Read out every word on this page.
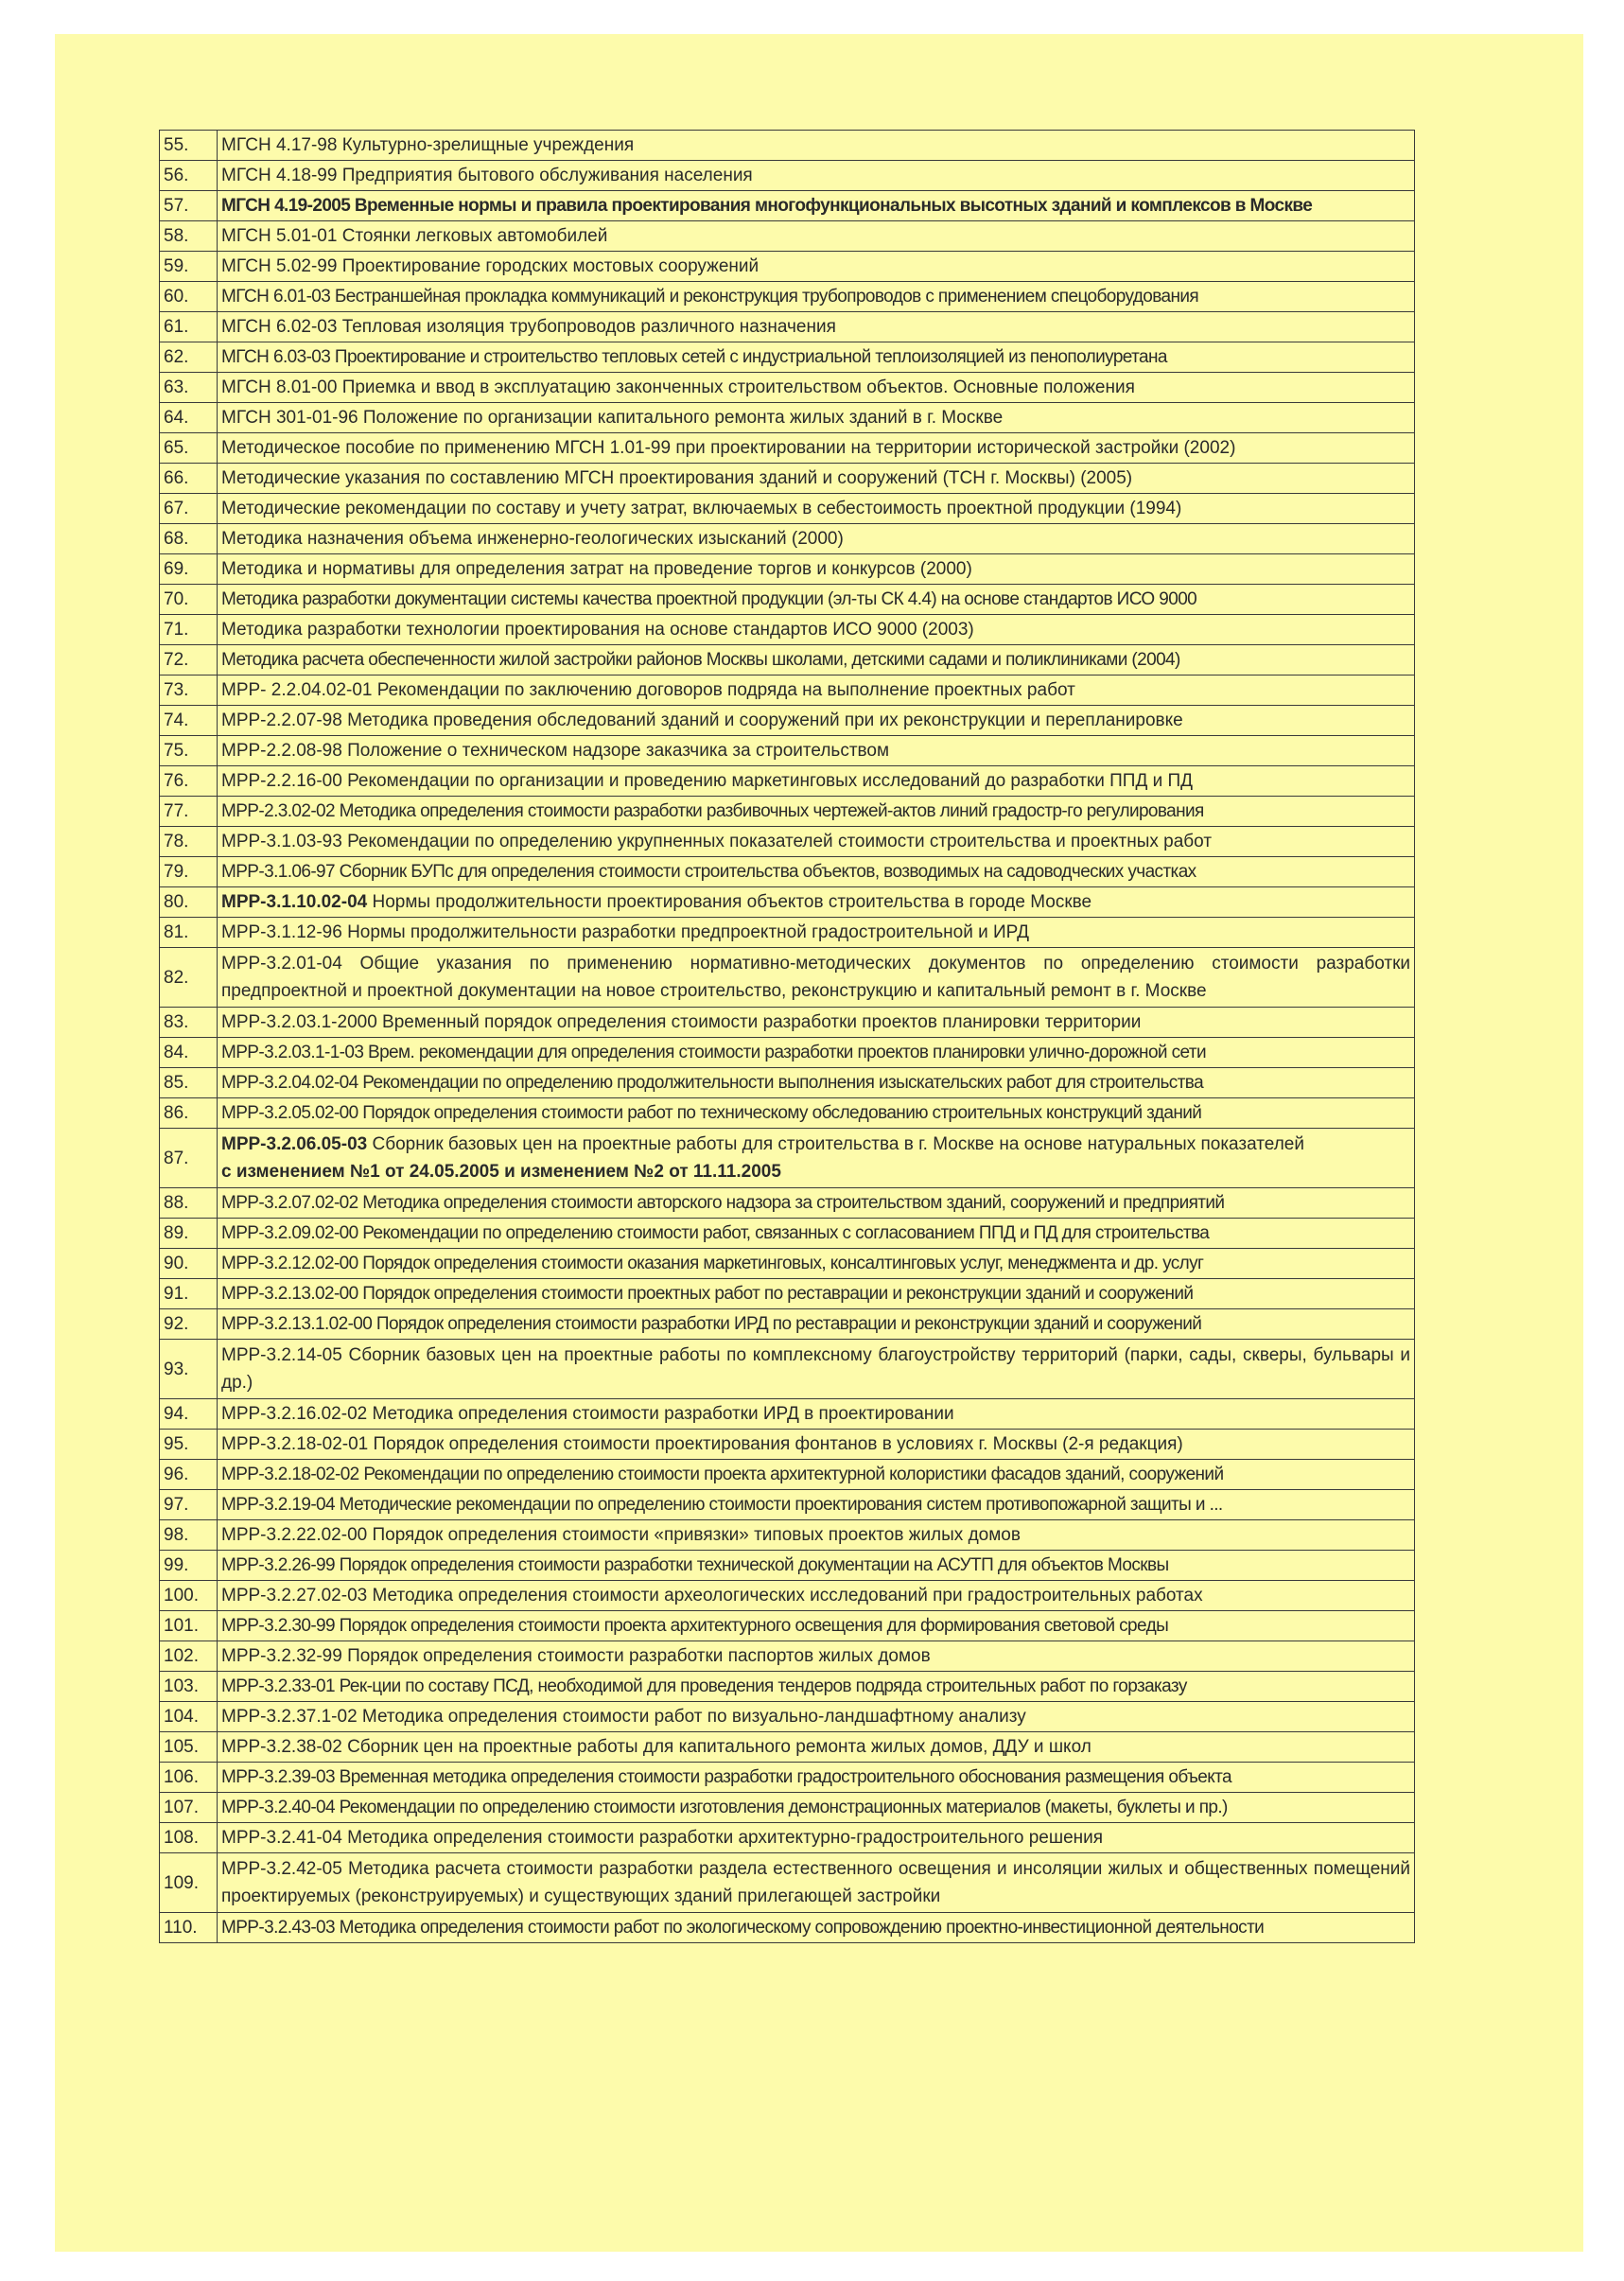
55.	МГСН 4.17-98 Культурно-зрелищные учреждения
56.	МГСН 4.18-99 Предприятия бытового обслуживания населения
57.	МГСН 4.19-2005 Временные нормы и правила проектирования многофункциональных высотных зданий и комплексов в Москве
58.	МГСН 5.01-01 Стоянки легковых автомобилей
59.	МГСН 5.02-99 Проектирование городских мостовых сооружений
60.	МГСН 6.01-03 Бестраншейная прокладка коммуникаций и реконструкция трубопроводов с применением спецоборудования
61.	МГСН 6.02-03 Тепловая изоляция трубопроводов различного назначения
62.	МГСН 6.03-03 Проектирование и строительство тепловых сетей с индустриальной теплоизоляцией из пенополиуретана
63.	МГСН 8.01-00 Приемка и ввод в эксплуатацию законченных строительством объектов. Основные положения
64.	МГСН 301-01-96 Положение по организации капитального ремонта жилых зданий в г. Москве
65.	Методическое пособие по применению МГСН 1.01-99 при проектировании на территории исторической застройки (2002)
66.	Методические указания по составлению МГСН проектирования зданий и сооружений (ТСН г. Москвы) (2005)
67.	Методические рекомендации по составу и учету затрат, включаемых в себестоимость проектной продукции (1994)
68.	Методика назначения объема инженерно-геологических изысканий (2000)
69.	Методика и нормативы для определения затрат на проведение торгов и конкурсов (2000)
70.	Методика разработки документации системы качества проектной продукции (эл-ты СК 4.4) на основе стандартов ИСО 9000
71.	Методика разработки технологии проектирования на основе стандартов ИСО 9000 (2003)
72.	Методика расчета обеспеченности жилой застройки районов Москвы школами, детскими садами и поликлиниками (2004)
73.	МРР- 2.2.04.02-01 Рекомендации по заключению договоров подряда на выполнение проектных работ
74.	МРР-2.2.07-98 Методика проведения обследований зданий и сооружений при их реконструкции и перепланировке
75.	МРР-2.2.08-98 Положение о техническом надзоре заказчика за строительством
76.	МРР-2.2.16-00 Рекомендации по организации и проведению маркетинговых исследований до разработки ППД и ПД
77.	МРР-2.3.02-02 Методика определения стоимости разработки разбивочных чертежей-актов линий градостр-го регулирования
78.	МРР-3.1.03-93 Рекомендации по определению укрупненных показателей стоимости строительства и проектных работ
79.	МРР-3.1.06-97 Сборник БУПс для определения стоимости строительства объектов, возводимых на садоводческих участках
80.	МРР-3.1.10.02-04 Нормы продолжительности проектирования объектов строительства в городе Москве
81.	МРР-3.1.12-96 Нормы продолжительности разработки предпроектной градостроительной и ИРД
82.	МРР-3.2.01-04 Общие указания по применению нормативно-методических документов по определению стоимости разработки предпроектной и проектной документации на новое строительство, реконструкцию и капитальный ремонт в г. Москве
83.	МРР-3.2.03.1-2000 Временный порядок определения стоимости разработки проектов планировки территории
84.	МРР-3.2.03.1-1-03 Врем. рекомендации для определения стоимости разработки проектов планировки улично-дорожной сети
85.	МРР-3.2.04.02-04 Рекомендации по определению продолжительности выполнения изыскательских работ для строительства
86.	МРР-3.2.05.02-00 Порядок определения стоимости работ по техническому обследованию строительных конструкций зданий
87.	МРР-3.2.06.05-03 Сборник базовых цен на проектные работы для строительства в г. Москве на основе натуральных показателей
с изменением №1 от 24.05.2005 и изменением №2 от 11.11.2005
88.	МРР-3.2.07.02-02 Методика определения стоимости авторского надзора за строительством зданий, сооружений и предприятий
89.	МРР-3.2.09.02-00 Рекомендации по определению стоимости работ, связанных с согласованием ППД и ПД для строительства
90.	МРР-3.2.12.02-00 Порядок определения стоимости оказания маркетинговых, консалтинговых услуг, менеджмента и др. услуг
91.	МРР-3.2.13.02-00 Порядок определения стоимости проектных работ по реставрации и реконструкции зданий и сооружений
92.	МРР-3.2.13.1.02-00 Порядок определения стоимости разработки ИРД по реставрации и реконструкции зданий и сооружений
93.	МРР-3.2.14-05 Сборник базовых цен на проектные работы по комплексному благоустройству территорий (парки, сады, скверы, бульвары и др.)
94.	МРР-3.2.16.02-02 Методика определения стоимости разработки ИРД в проектировании
95.	МРР-3.2.18-02-01 Порядок определения стоимости проектирования фонтанов в условиях г. Москвы (2-я редакция)
96.	МРР-3.2.18-02-02 Рекомендации по определению стоимости проекта архитектурной колористики фасадов зданий, сооружений
97.	МРР-3.2.19-04 Методические рекомендации по определению стоимости проектирования систем противопожарной защиты и ...
98.	МРР-3.2.22.02-00 Порядок определения стоимости «привязки» типовых проектов жилых домов
99.	МРР-3.2.26-99 Порядок определения стоимости разработки технической документации на АСУТП для объектов Москвы
100.	МРР-3.2.27.02-03 Методика определения стоимости археологических исследований при градостроительных работах
101.	МРР-3.2.30-99 Порядок определения стоимости проекта архитектурного освещения для формирования световой среды
102.	МРР-3.2.32-99 Порядок определения стоимости разработки паспортов жилых домов
103.	МРР-3.2.33-01 Рек-ции по составу ПСД, необходимой для проведения тендеров подряда строительных работ по горзаказу
104.	МРР-3.2.37.1-02 Методика определения стоимости работ по визуально-ландшафтному анализу
105.	МРР-3.2.38-02 Сборник цен на проектные работы для капитального ремонта жилых домов, ДДУ и школ
106.	МРР-3.2.39-03 Временная методика определения стоимости разработки градостроительного обоснования размещения объекта
107.	МРР-3.2.40-04 Рекомендации по определению стоимости изготовления демонстрационных материалов (макеты, буклеты и пр.)
108.	МРР-3.2.41-04 Методика определения стоимости разработки архитектурно-градостроительного решения
109.	МРР-3.2.42-05 Методика расчета стоимости разработки раздела естественного освещения и инсоляции жилых и общественных помещений проектируемых (реконструируемых) и существующих зданий прилегающей застройки
110.	МРР-3.2.43-03 Методика определения стоимости работ по экологическому сопровождению проектно-инвестиционной деятельности
